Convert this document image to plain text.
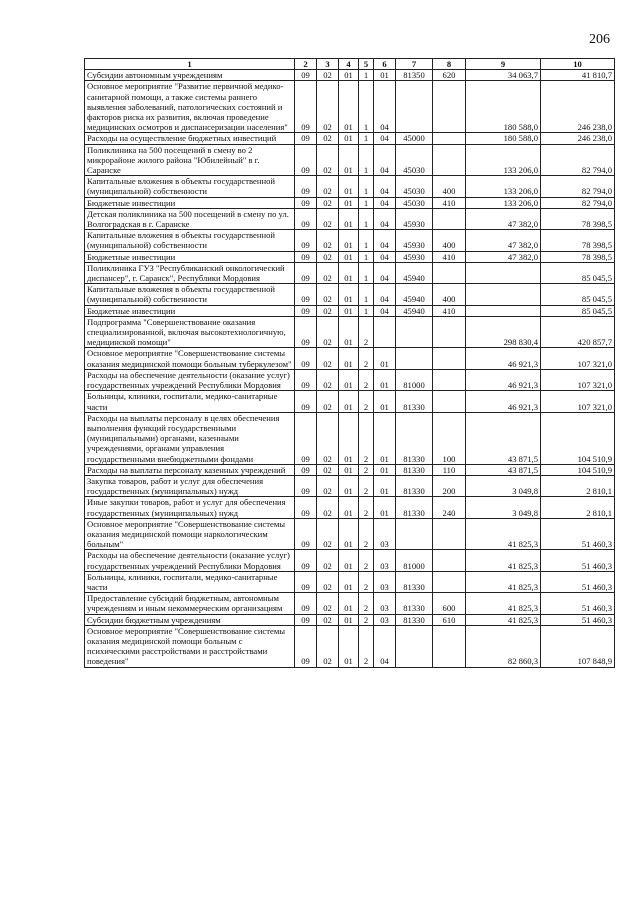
206
1	2	3	4	5	6	7	8	9	10
Субсидии автономным учреждениям	09	02	01	1	01	81350	620	34 063,7	41 810,7
Основное мероприятие "Развитие первичной медико-санитарной помощи, а также системы раннего выявления заболеваний, патологических состояний и факторов риска их развития, включая проведение медицинских осмотров и диспансеризации населения"	09	02	01	1	04			180 588,0	246 238,0
Расходы на осуществление бюджетных инвестиций	09	02	01	1	04	45000		180 588,0	246 238,0
Поликлиника на 500 посещений в смену во 2 микрорайоне жилого района "Юбилейный" в г. Саранске	09	02	01	1	04	45030		133 206,0	82 794,0
Капитальные вложения в объекты государственной (муниципальной) собственности	09	02	01	1	04	45030	400	133 206,0	82 794,0
Бюджетные инвестиции	09	02	01	1	04	45030	410	133 206,0	82 794,0
Детская поликлиника на 500 посещений в смену по ул. Волгоградская в г. Саранске	09	02	01	1	04	45930		47 382,0	78 398,5
Капитальные вложения в объекты государственной (муниципальной) собственности	09	02	01	1	04	45930	400	47 382,0	78 398,5
Бюджетные инвестиции	09	02	01	1	04	45930	410	47 382,0	78 398,5
Поликлиника ГУЗ "Республиканский онкологический диспансер", г. Саранск", Республики Мордовия	09	02	01	1	04	45940			85 045,5
Капитальные вложения в объекты государственной (муниципальной) собственности	09	02	01	1	04	45940	400		85 045,5
Бюджетные инвестиции	09	02	01	1	04	45940	410		85 045,5
Подпрограмма "Совершенствование оказания специализированной, включая высокотехнологичную, медицинской помощи"	09	02	01	2				298 830,4	420 857,7
Основное мероприятие "Совершенствование системы оказания медицинской помощи больным туберкулезом"	09	02	01	2	01			46 921,3	107 321,0
Расходы на обеспечение деятельности (оказание услуг) государственных учреждений Республики Мордовия	09	02	01	2	01	81000		46 921,3	107 321,0
Больницы, клиники, госпитали, медико-санитарные части	09	02	01	2	01	81330		46 921,3	107 321,0
Расходы на выплаты персоналу в целях обеспечения выполнения функций государственными (муниципальными) органами, казенными учреждениями, органами управления государственными внебюджетными фондами	09	02	01	2	01	81330	100	43 871,5	104 510,9
Расходы на выплаты персоналу казенных учреждений	09	02	01	2	01	81330	110	43 871,5	104 510,9
Закупка товаров, работ и услуг для обеспечения государственных (муниципальных) нужд	09	02	01	2	01	81330	200	3 049,8	2 810,1
Иные закупки товаров, работ и услуг для обеспечения государственных (муниципальных) нужд	09	02	01	2	01	81330	240	3 049,8	2 810,1
Основное мероприятие "Совершенствование системы оказания медицинской помощи наркологическим больным"	09	02	01	2	03			41 825,3	51 460,3
Расходы на обеспечение деятельности (оказание услуг) государственных учреждений Республики Мордовия	09	02	01	2	03	81000		41 825,3	51 460,3
Больницы, клиники, госпитали, медико-санитарные части	09	02	01	2	03	81330		41 825,3	51 460,3
Предоставление субсидий бюджетным, автономным учреждениям и иным некоммерческим организациям	09	02	01	2	03	81330	600	41 825,3	51 460,3
Субсидии бюджетным учреждениям	09	02	01	2	03	81330	610	41 825,3	51 460,3
Основное мероприятие "Совершенствование системы оказания медицинской помощи больным с психическими расстройствами и расстройствами поведения"	09	02	01	2	04			82 860,3	107 848,9
